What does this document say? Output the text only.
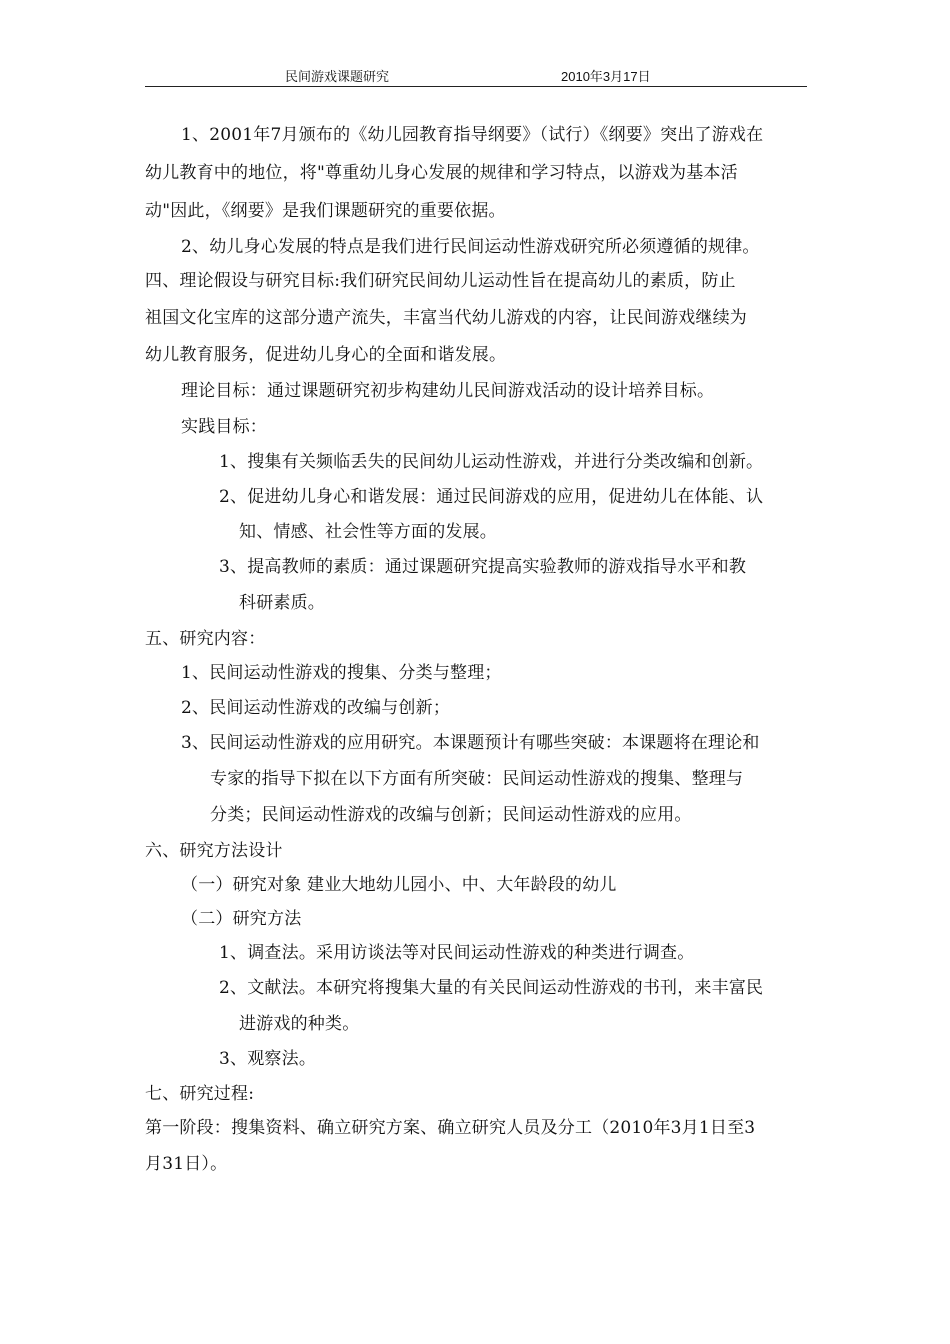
民间游戏课题研究	2010年3月17日
1、2001年7月颁布的《幼儿园教育指导纲要》（试行）《纲要》突出了游戏在
幼儿教育中的地位，将"尊重幼儿身心发展的规律和学习特点，以游戏为基本活
动"因此，《纲要》是我们课题研究的重要依据。
2、幼儿身心发展的特点是我们进行民间运动性游戏研究所必须遵循的规律。
四、理论假设与研究目标:我们研究民间幼儿运动性旨在提高幼儿的素质，防止
祖国文化宝库的这部分遗产流失，丰富当代幼儿游戏的内容，让民间游戏继续为
幼儿教育服务，促进幼儿身心的全面和谐发展。
理论目标：通过课题研究初步构建幼儿民间游戏活动的设计培养目标。
实践目标：
1、搜集有关频临丢失的民间幼儿运动性游戏，并进行分类改编和创新。
2、促进幼儿身心和谐发展：通过民间游戏的应用，促进幼儿在体能、认
知、情感、社会性等方面的发展。
3、提高教师的素质：通过课题研究提高实验教师的游戏指导水平和教
科研素质。
五、研究内容：
1、民间运动性游戏的搜集、分类与整理；
2、民间运动性游戏的改编与创新；
3、民间运动性游戏的应用研究。本课题预计有哪些突破：本课题将在理论和
专家的指导下拟在以下方面有所突破：民间运动性游戏的搜集、整理与
分类；民间运动性游戏的改编与创新；民间运动性游戏的应用。
六、研究方法设计
（一）研究对象 建业大地幼儿园小、中、大年龄段的幼儿
（二）研究方法
1、调查法。采用访谈法等对民间运动性游戏的种类进行调查。
2、文献法。本研究将搜集大量的有关民间运动性游戏的书刊，来丰富民
进游戏的种类。
3、观察法。
七、研究过程:
第一阶段：搜集资料、确立研究方案、确立研究人员及分工（2010年3月1日至3
月31日）。
